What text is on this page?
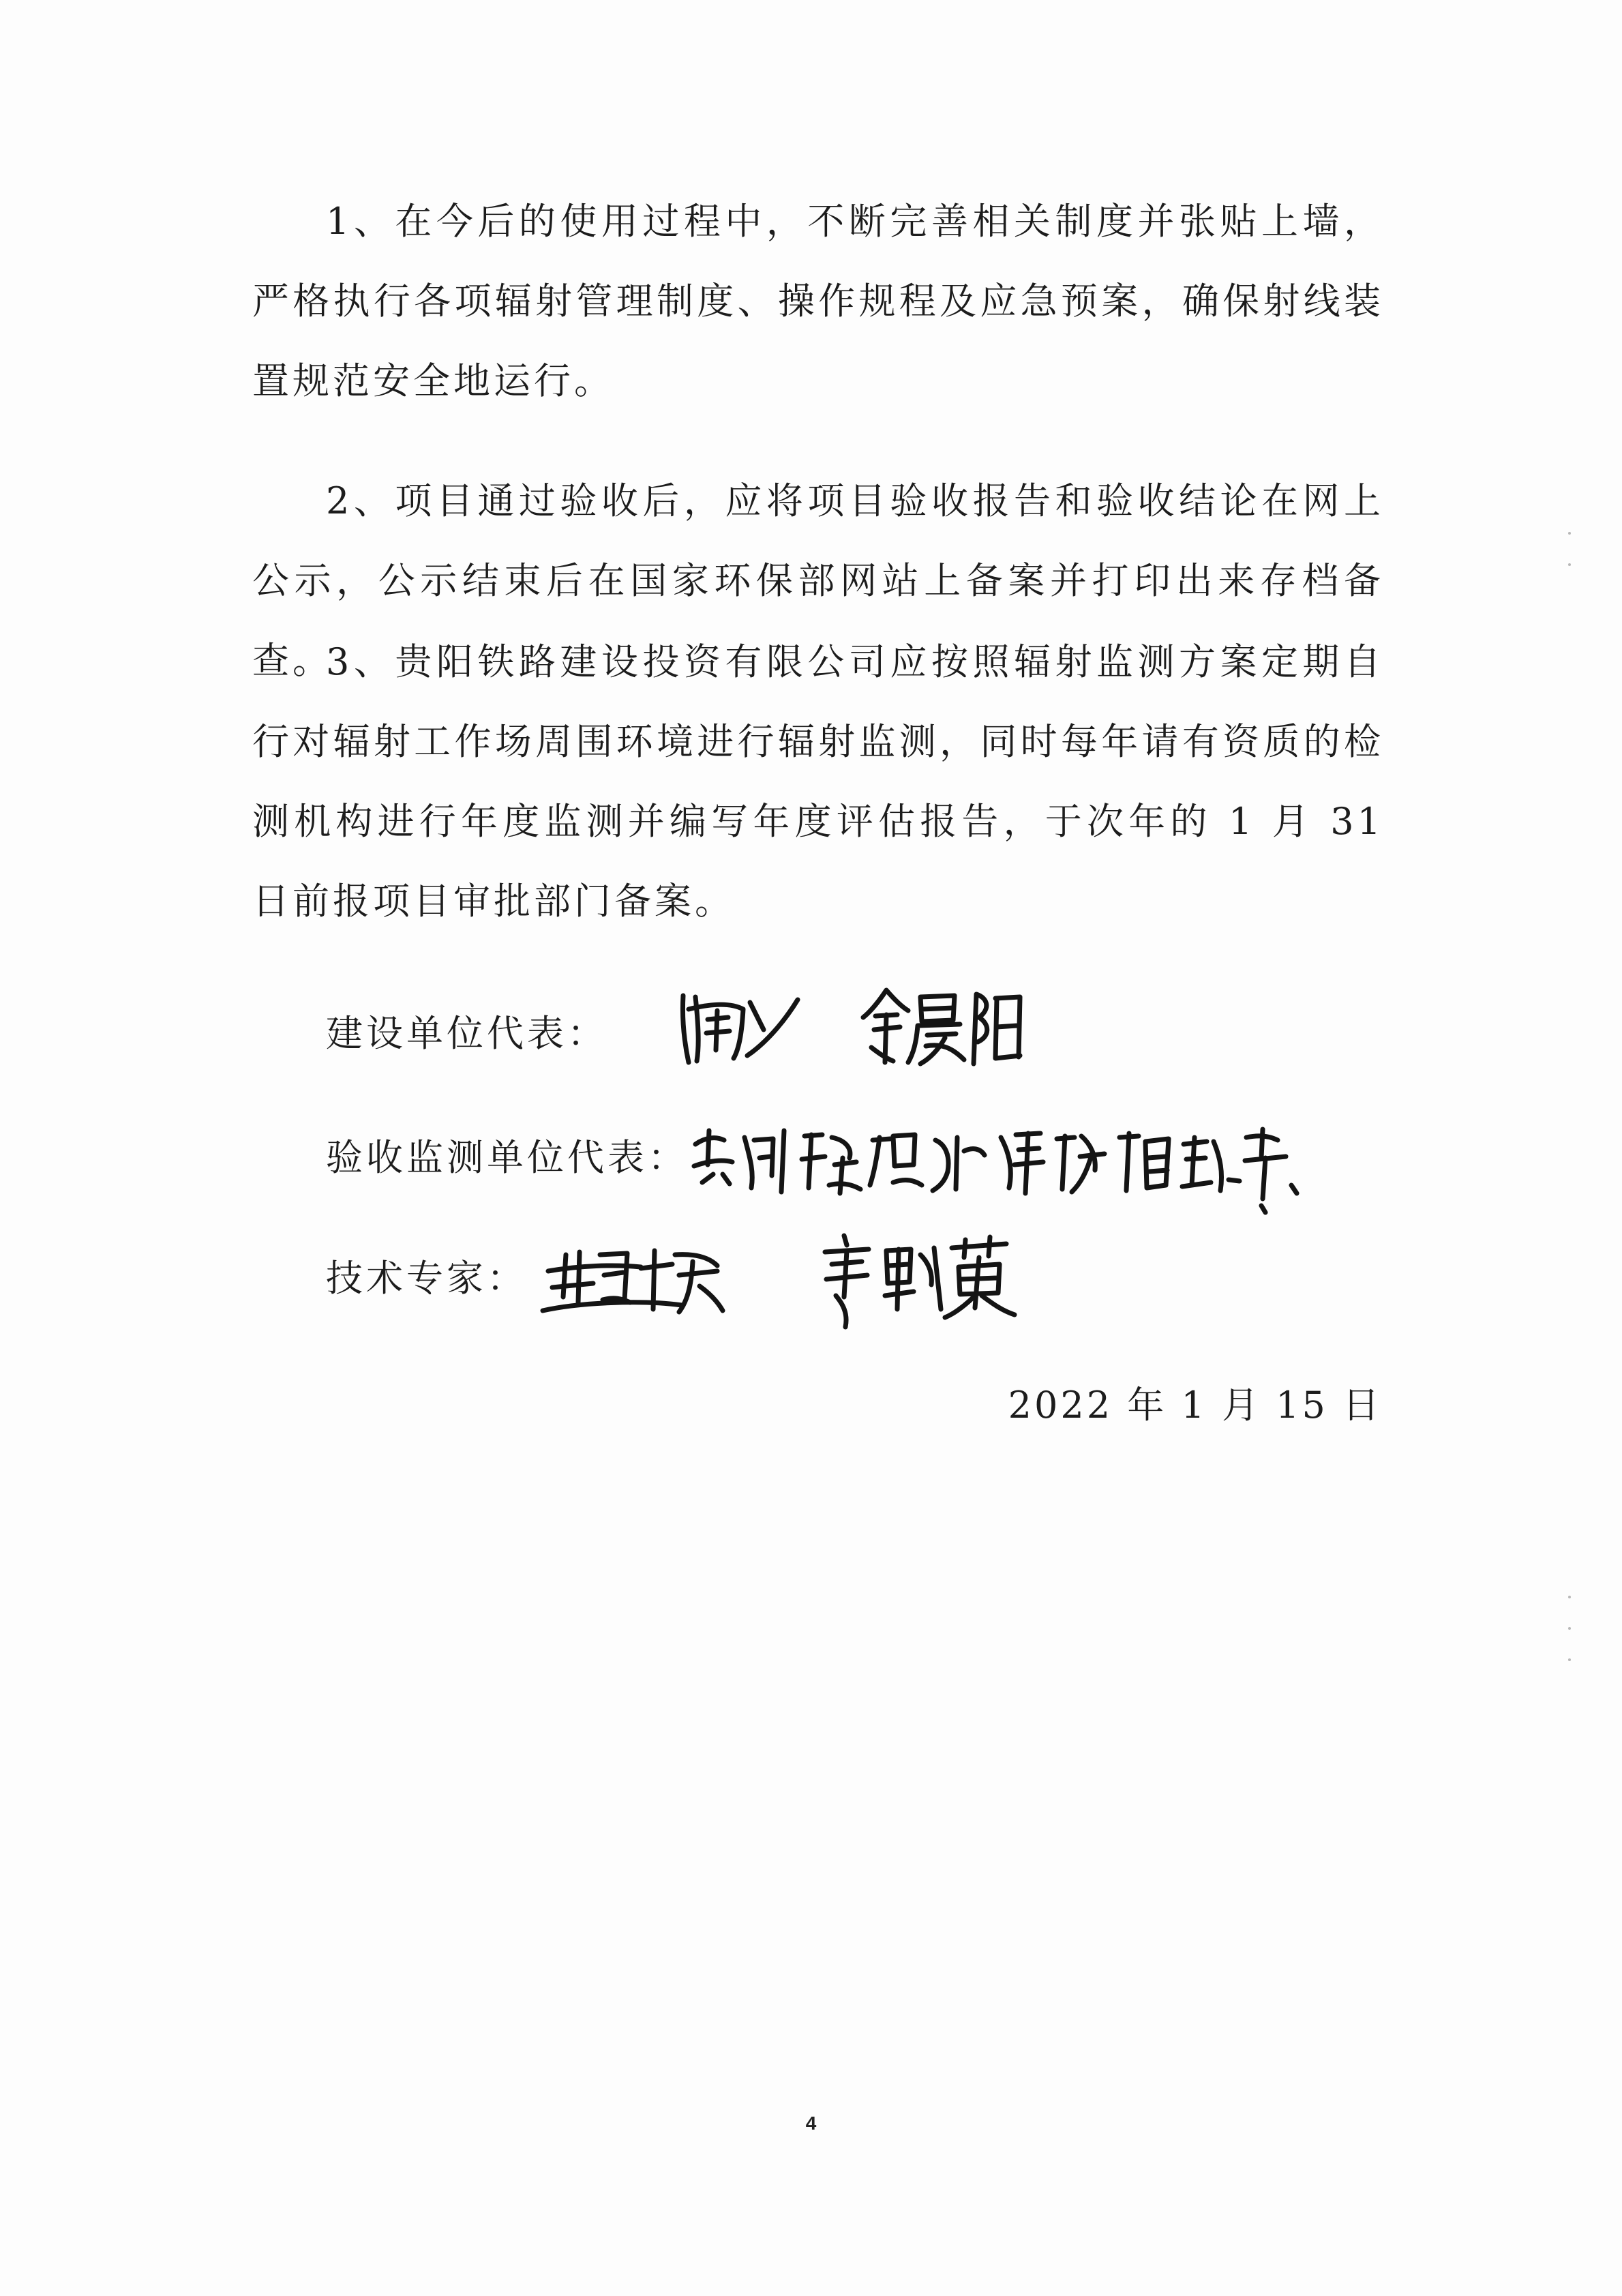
1、在今后的使用过程中，不断完善相关制度并张贴上墙，严格执行各项辐射管理制度、操作规程及应急预案，确保射线装置规范安全地运行。

2、项目通过验收后，应将项目验收报告和验收结论在网上公示，公示结束后在国家环保部网站上备案并打印出来存档备查。

3、贵阳铁路建设投资有限公司应按照辐射监测方案定期自行对辐射工作场周围环境进行辐射监测，同时每年请有资质的检测机构进行年度监测并编写年度评估报告，于次年的 1 月 31 日前报项目审批部门备案。

建设单位代表：
验收监测单位代表：
技术专家：
2022 年 1 月 15 日
4
